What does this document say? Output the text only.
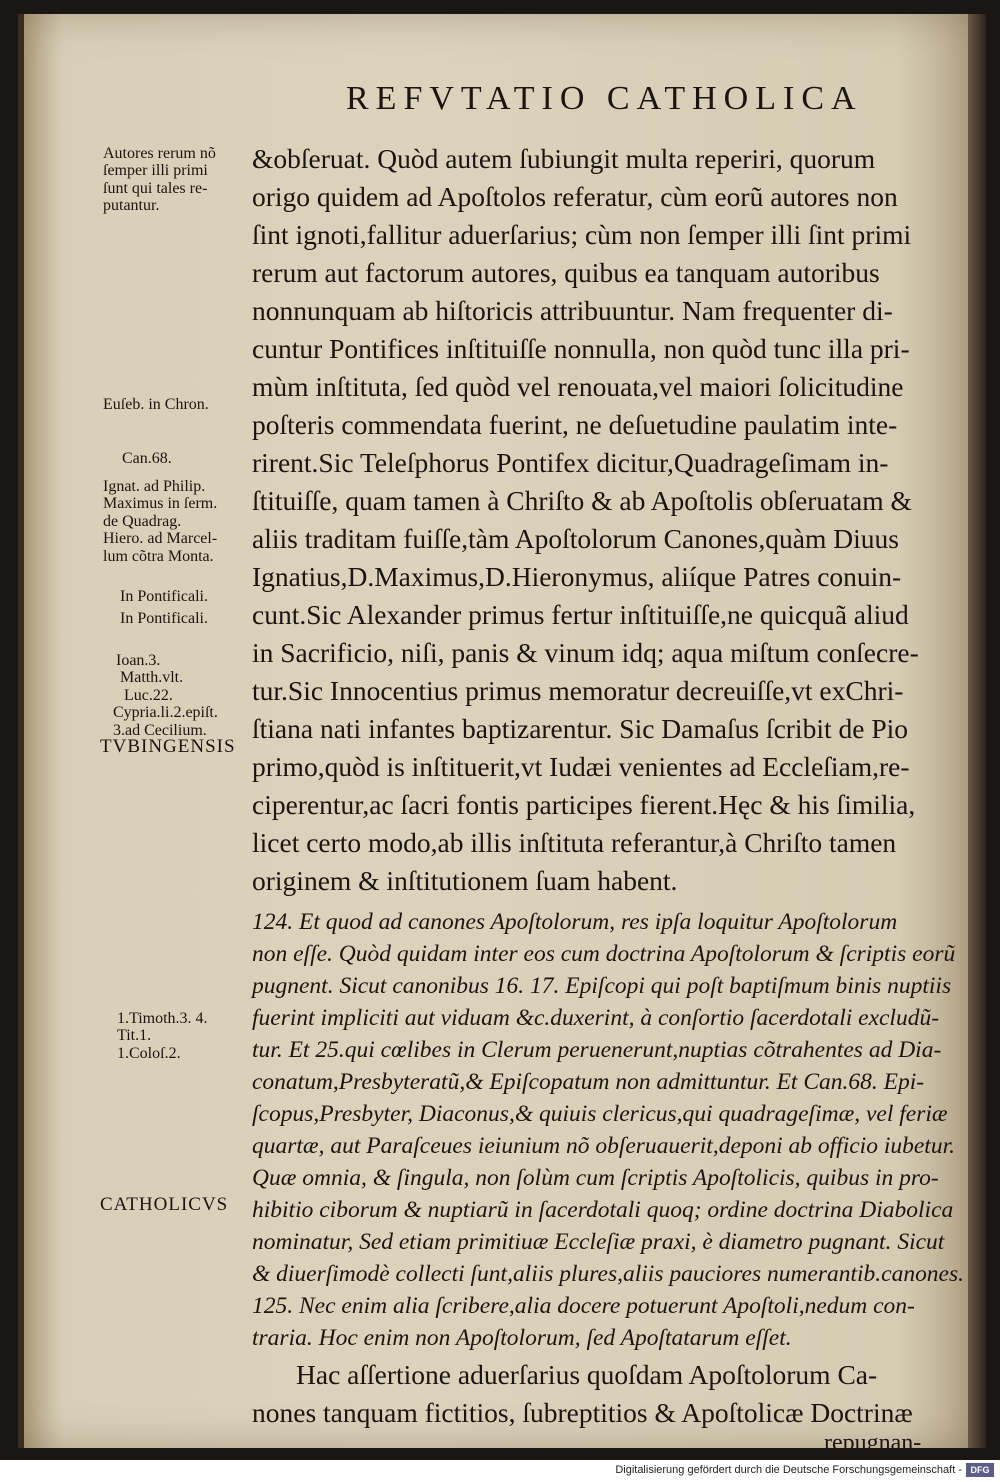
REFVTATIO CATHOLICA
Autores rerum nõ
ſemper illi primi
ſunt qui tales re-
putantur.
Euſeb. in Chron.
Can.68.
Ignat. ad Philip.
Maximus in ſerm.
de Quadrag.
Hiero. ad Marcel-
lum cõtra Monta.
In Pontificali.
In Pontificali.
Ioan.3.
Matth.vlt.
Luc.22.
Cypria.li.2.epiſt.
3.ad Cecilium.
1.Timoth.3. 4.
Tit.1.
1.Coloſ.2.
TVBINGENSIS
CATHOLICVS
&obſeruat. Quòd autem ſubiungit multa reperiri, quorum
origo quidem ad Apoſtolos referatur, cùm eorũ autores non
ſint ignoti,fallitur aduerſarius; cùm non ſemper illi ſint primi
rerum aut factorum autores, quibus ea tanquam autoribus
nonnunquam ab hiſtoricis attribuuntur. Nam frequenter di-
cuntur Pontifices inſtituiſſe nonnulla, non quòd tunc illa pri-
mùm inſtituta, ſed quòd vel renouata,vel maiori ſolicitudine
poſteris commendata fuerint, ne deſuetudine paulatim inte-
rirent.Sic Teleſphorus Pontifex dicitur,Quadrageſimam in-
ſtituiſſe, quam tamen à Chriſto & ab Apoſtolis obſeruatam &
aliis traditam fuiſſe,tàm Apoſtolorum Canones,quàm Diuus
Ignatius,D.Maximus,D.Hieronymus, aliíque Patres conuin-
cunt.Sic Alexander primus fertur inſtituiſſe,ne quicquã aliud
in Sacrificio, niſi, panis & vinum idq; aqua miſtum conſecre-
tur.Sic Innocentius primus memoratur decreuiſſe,vt exChri-
ſtiana nati infantes baptizarentur. Sic Damaſus ſcribit de Pio
primo,quòd is inſtituerit,vt Iudæi venientes ad Eccleſiam,re-
ciperentur,ac ſacri fontis participes fierent.Hęc & his ſimilia,
licet certo modo,ab illis inſtituta referantur,à Chriſto tamen
originem & inſtitutionem ſuam habent.
124. Et quod ad canones Apoſtolorum, res ipſa loquitur Apoſtolorum
non eſſe. Quòd quidam inter eos cum doctrina Apoſtolorum & ſcriptis eorũ
pugnent. Sicut canonibus 16. 17. Epiſcopi qui poſt baptiſmum binis nuptiis
fuerint impliciti aut viduam &c.duxerint, à conſortio ſacerdotali excludũ-
tur. Et 25.qui cœlibes in Clerum peruenerunt,nuptias cõtrahentes ad Dia-
conatum,Presbyteratũ,& Epiſcopatum non admittuntur. Et Can.68. Epi-
ſcopus,Presbyter, Diaconus,& quiuis clericus,qui quadrageſimæ, vel feriæ
quartæ, aut Paraſceues ieiunium nõ obſeruauerit,deponi ab officio iubetur.
Quæ omnia, & ſingula, non ſolùm cum ſcriptis Apoſtolicis, quibus in pro-
hibitio ciborum & nuptiarũ in ſacerdotali quoq; ordine doctrina Diabolica
nominatur, Sed etiam primitiuæ Eccleſiæ praxi, è diametro pugnant. Sicut
& diuerſimodè collecti ſunt,aliis plures,aliis pauciores numerantib.canones.
125. Nec enim alia ſcribere,alia docere potuerunt Apoſtoli,nedum con-
traria. Hoc enim non Apoſtolorum, ſed Apoſtatarum eſſet.
Hac aſſertione aduerſarius quoſdam Apoſtolorum Ca-
nones tanquam fictitios, ſubreptitios & Apoſtolicæ Doctrinæ
repugnan-
Digitalisierung gefördert durch die Deutsche Forschungsgemeinschaft - DFG
